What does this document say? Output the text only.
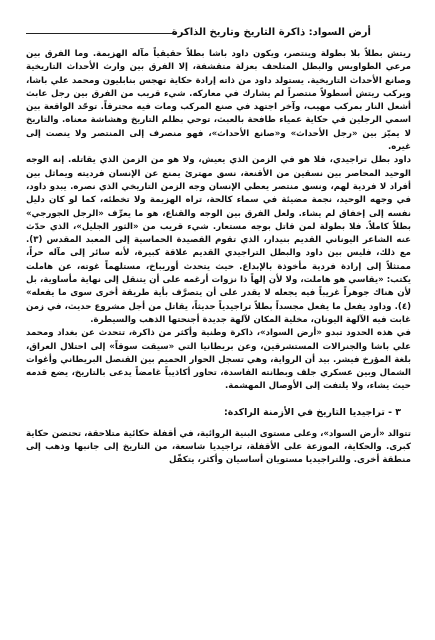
أرض السواد: ذاكرة التاريخ وتاريخ الذاكرة

ريتش بطلاً بلا بطولة وينتصر، ويكون داود باشا بطلاً حقيقياً مآله الهزيمة. وما الفرق بين مرعي الطواويس والبطل المتلحف بعزلة متقشفة، إلا الفرق بين وارث الأحداث التاريخية وصانع الأحداث التاريخية. يستولد داود من ذاته إرادة حكاية تهجس بنابليون ومحمد علي باشا، ويركب ريتش أسطولاً منتصراً لم يشارك في معاركه. شيء قريب من الفرق بين رجل عابث أشعل النار بمركب مهيب، وآخر اجتهد في صنع المركب ومات فيه محترقاً. توحّد الواقعة بين اسمي الرجلين في حكاية عمياء طافحة بالعبث، توحي بظلم التاريخ وهشاشة معناه. والتاريخ لا يميّز بين «رجل الأحداث» و«صانع الأحداث»، فهو منصرف إلى المنتصر ولا ينصت إلى غيره.

داود بطل تراجيدي، فلا هو في الزمن الذي يعيش، ولا هو من الزمن الذي يقاتله. إنه الوجه الوحيد المحاصر بين نسقين من الأقنعة، نسق مهترئ يمنع عن الإنسان فرديته ويماثل بين أفراد لا فردية لهم، ونسق منتصر يعطي الإنسان وجه الزمن التاريخي الذي نصره. يبدو داود، في وجهه الوحيد، نجمة مضيئة في سماء كالحة، تراه الهزيمة ولا تخطئه، كما لو كان دليل نفسه إلى إخفاق لم يشاء. ولعل الفرق بين الوجه والقناع، هو ما يعرِّف «الرجل الجورجي» بطلاً كاملاً. فلا بطولة لمن قاتل بوجه مستعار. شيء قريب من «الثور الجليل»، الذي حدّث عنه الشاعر اليوناني القديم بنيدار، الذي تقوم القصيدة الحماسية إلى المعبد المقدس (٣). مع ذلك، فليس بين داود والبطل التراجيدي القديم علاقة كبيرة، لأنه سائر إلى مآله حراً، ممتثلاً إلى إرادة فردية مأخوذة بالإبداع. حيث يتحدث أوريباخ، مستلهماً غوته، عن هاملت يكتب: «يقاسي هو هاملت، ولا لأن إلهاً ذا نزوات أرغمه على أن يتنقل إلى نهاية مأساوية، بل لأن هناك جوهراً غريباً فيه يجعله لا يقدر على أن يتصرَّف بأية طريقة أخرى سوى ما يفعله» (٤). وداود يفعل ما يفعل مجسداً بطلاً تراجيدياً حديثاً، يقاتل من أجل مشروع حديث، في زمن غابت فيه الآلهة اليونان، مخلية المكان لآلهة جديدة أجنحتها الذهب والسيطرة.

في هذه الحدود تبدو «أرض السواد»، ذاكرة وطنية وأكثر من ذاكرة، تتحدث عن بغداد ومحمد علي باشا والجنرالات المستشرقين، وعن بريطانيا التي «سيقت سوقاً» إلى احتلال العراق، بلغة المؤرخ فيشر. بيد أن الرواية، وهي تسجل الحوار الحميم بين القنصل البريطاني وأغوات الشمال وبين عسكري جلف وبطانته الفاسدة، تحاور أكاذيباً غامضاً يدعى بالتاريخ، يضع قدمه حيث يشاء، ولا يلتفت إلى الأوصال المهشمة.

٣ - تراجيديا التاريخ في الأزمنة الراكدة:

تتوالد «أرض السواد»، وعلى مستوى البنية الروائية، في أقفلة حكائية متلاحقة، تحتضن حكاية كبرى. والحكاية، الموزعة على الأقفلة، تراجيديا شاسعة، من التاريخ إلى جانبها وذهب إلى منطقة أخرى. وللتراجيديا مستويان أساسيان وأكثر، يتكفّل
